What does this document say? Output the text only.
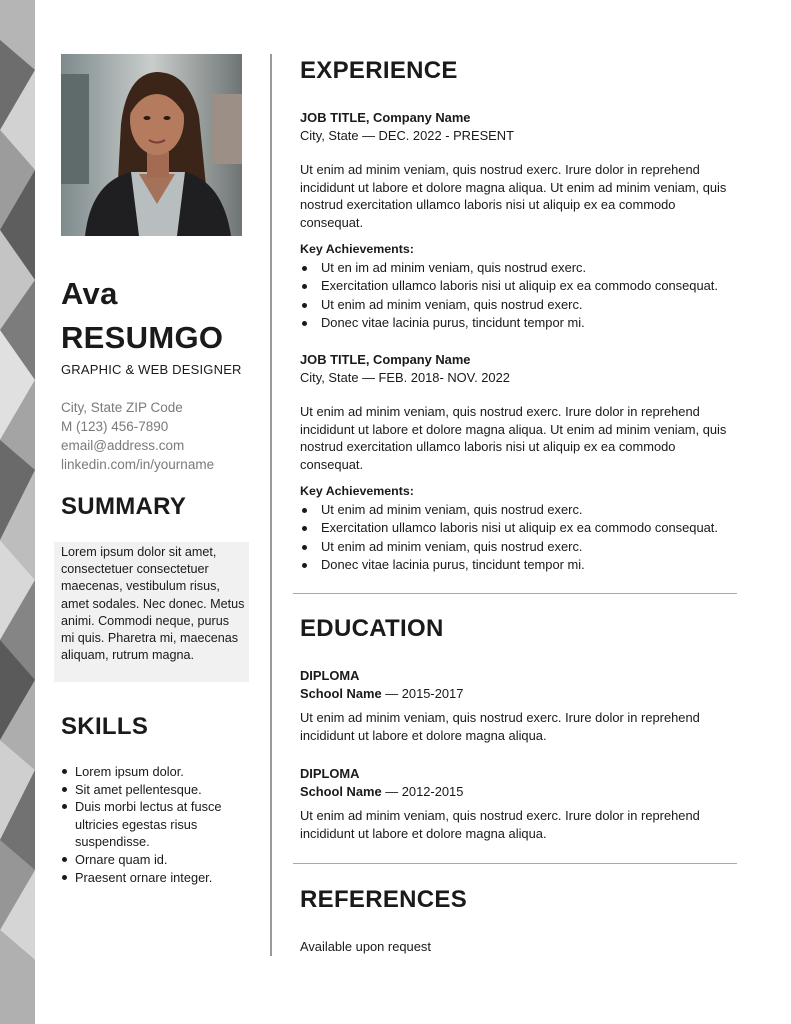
Ava
RESUMGO
GRAPHIC & WEB DESIGNER
City, State ZIP Code
M (123) 456-7890
email@address.com
linkedin.com/in/yourname
SUMMARY
Lorem ipsum dolor sit amet, consectetuer consectetuer maecenas, vestibulum risus, amet sodales. Nec donec. Metus animi. Commodi neque, purus mi quis. Pharetra mi, maecenas aliquam, rutrum magna.
SKILLS
Lorem ipsum dolor.
Sit amet pellentesque.
Duis morbi lectus at fusce ultricies egestas risus suspendisse.
Ornare quam id.
Praesent ornare integer.
EXPERIENCE
JOB TITLE, Company Name
City, State — DEC. 2022 - PRESENT
Ut enim ad minim veniam, quis nostrud exerc. Irure dolor in reprehend incididunt ut labore et dolore magna aliqua. Ut enim ad minim veniam, quis nostrud exercitation ullamco laboris nisi ut aliquip ex ea commodo consequat.
Key Achievements:
Ut en im ad minim veniam, quis nostrud exerc.
Exercitation ullamco laboris nisi ut aliquip ex ea commodo consequat.
Ut enim ad minim veniam, quis nostrud exerc.
Donec vitae lacinia purus, tincidunt tempor mi.
JOB TITLE, Company Name
City, State — FEB. 2018- NOV. 2022
Ut enim ad minim veniam, quis nostrud exerc. Irure dolor in reprehend incididunt ut labore et dolore magna aliqua. Ut enim ad minim veniam, quis nostrud exercitation ullamco laboris nisi ut aliquip ex ea commodo consequat.
Key Achievements:
Ut enim ad minim veniam, quis nostrud exerc.
Exercitation ullamco laboris nisi ut aliquip ex ea commodo consequat.
Ut enim ad minim veniam, quis nostrud exerc.
Donec vitae lacinia purus, tincidunt tempor mi.
EDUCATION
DIPLOMA
School Name — 2015-2017
Ut enim ad minim veniam, quis nostrud exerc. Irure dolor in reprehend incididunt ut labore et dolore magna aliqua.
DIPLOMA
School Name — 2012-2015
Ut enim ad minim veniam, quis nostrud exerc. Irure dolor in reprehend incididunt ut labore et dolore magna aliqua.
REFERENCES
Available upon request
